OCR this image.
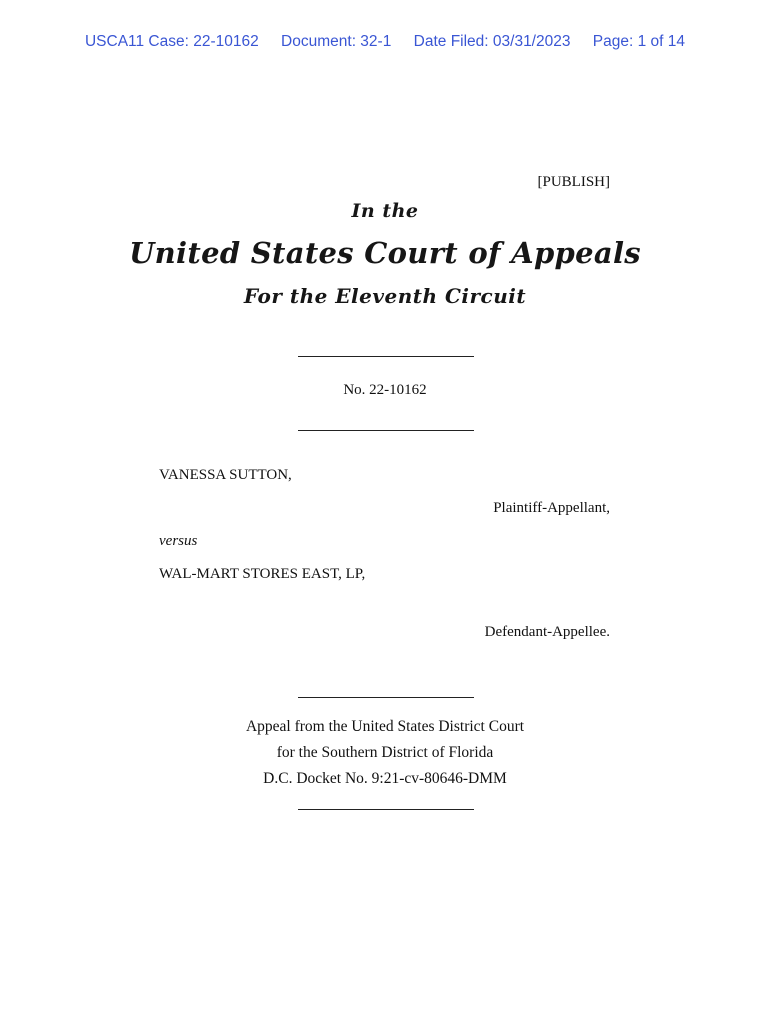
USCA11 Case: 22-10162 Document: 32-1 Date Filed: 03/31/2023 Page: 1 of 14
[PUBLISH]
In the
United States Court of Appeals
For the Eleventh Circuit
No. 22-10162
VANESSA SUTTON,
Plaintiff-Appellant,
versus
WAL-MART STORES EAST, LP,
Defendant-Appellee.
Appeal from the United States District Court
for the Southern District of Florida
D.C. Docket No. 9:21-cv-80646-DMM
